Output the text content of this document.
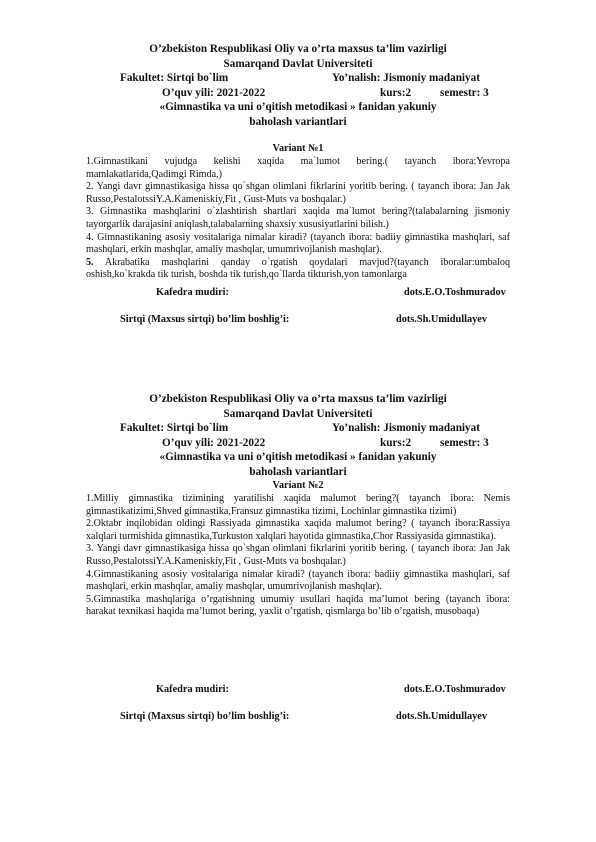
O’zbekiston Respublikasi Oliy va o’rta maxsus ta’lim vazirligi
Samarqand Davlat Universiteti
Fakultet: Sirtqi bo`lim	Yo’nalish: Jismoniy madaniyat
O’quv yili: 2021-2022	kurs:2	semestr: 3
«Gimnastika va uni o’qitish metodikasi » fanidan yakuniy
baholash variantlari
Variant №1

1.Gimnastikani vujudga kelishi xaqida ma`lumot bering.( tayanch ibora:Yevropa mamlakatlarida,Qadimgi Rimda,)

2. Yangi davr gimnastikasiga hissa qo`shgan olimlani fikrlarini yoritib bering. ( tayanch ibora: Jan Jak Russo,PestalotssiY.A.Kameniskiy,Fit , Gust-Muts va boshqalar.)

3. Gimnastika mashqlarini o`zlashtirish shartlari xaqida ma`lumot bering?(talabalarning jismoniy tayorgarlik darajasini aniqlash,talabalarning shaxsiy xususiyatlarini bilish.)

4. Gimnastikaning asosiy vositalariga nimalar kiradi? (tayanch ibora: badiiy gimnastika mashqlari, saf mashqlari, erkin mashqlar, amaliy mashqlar, umumrivojlanish mashqlar).

5. Akrabatika mashqlarini qanday o`rgatish qoydalari mavjud?(tayanch iboralar:umbaloq oshish,ko`krakda tik turish, boshda tik turish,qo`llarda tikturish,yon tamonlarga

Kafedra mudiri:	dots.E.O.Toshmuradov
Sirtqi (Maxsus sirtqi) bo’lim boshlig’i:	dots.Sh.Umidullayev
O’zbekiston Respublikasi Oliy va o’rta maxsus ta’lim vazirligi
Samarqand Davlat Universiteti
Fakultet: Sirtqi bo`lim	Yo’nalish: Jismoniy madaniyat
O’quv yili: 2021-2022	kurs:2	semestr: 3
«Gimnastika va uni o’qitish metodikasi » fanidan yakuniy
baholash variantlari
Variant №2

1.Milliy gimnastika tizimining yaratilishi xaqida malumot bering?( tayanch ibora: Nemis gimnastikatizimi,Shved gimnastika,Fransuz gimnastika tizimi, Lochinlar gimnastika tizimi)

2.Oktabr inqilobidan oldingi Rassiyada gimnastika xaqida malumot bering? ( tayanch ibora:Rassiya xalqlari turmishida gimnastika,Turkuston xalqlari hayotida gimnastika,Chor Rassiyasida gimnastika).

3. Yangi davr gimnastikasiga hissa qo`shgan olimlani fikrlarini yoritib bering. ( tayanch ibora: Jan Jak Russo,PestalotssiY.A.Kameniskiy,Fit , Gust-Muts va boshqalar.)

4.Gimnastikaning asosiy vositalariga nimalar kiradi? (tayanch ibora: badiiy gimnastika mashqlari, saf mashqlari, erkin mashqlar, amaliy mashqlar, umumrivojlanish mashqlar).

5.Gimnastika mashqlariga o’rgatishning umumiy usullari haqida ma’lumot bering (tayanch ibora: harakat texnikasi haqida ma’lumot bering, yaxlit o’rgatish, qismlarga bo’lib o’rgatish, musobaqa)

Kafedra mudiri:	dots.E.O.Toshmuradov
Sirtqi (Maxsus sirtqi) bo’lim boshlig’i:	dots.Sh.Umidullayev
